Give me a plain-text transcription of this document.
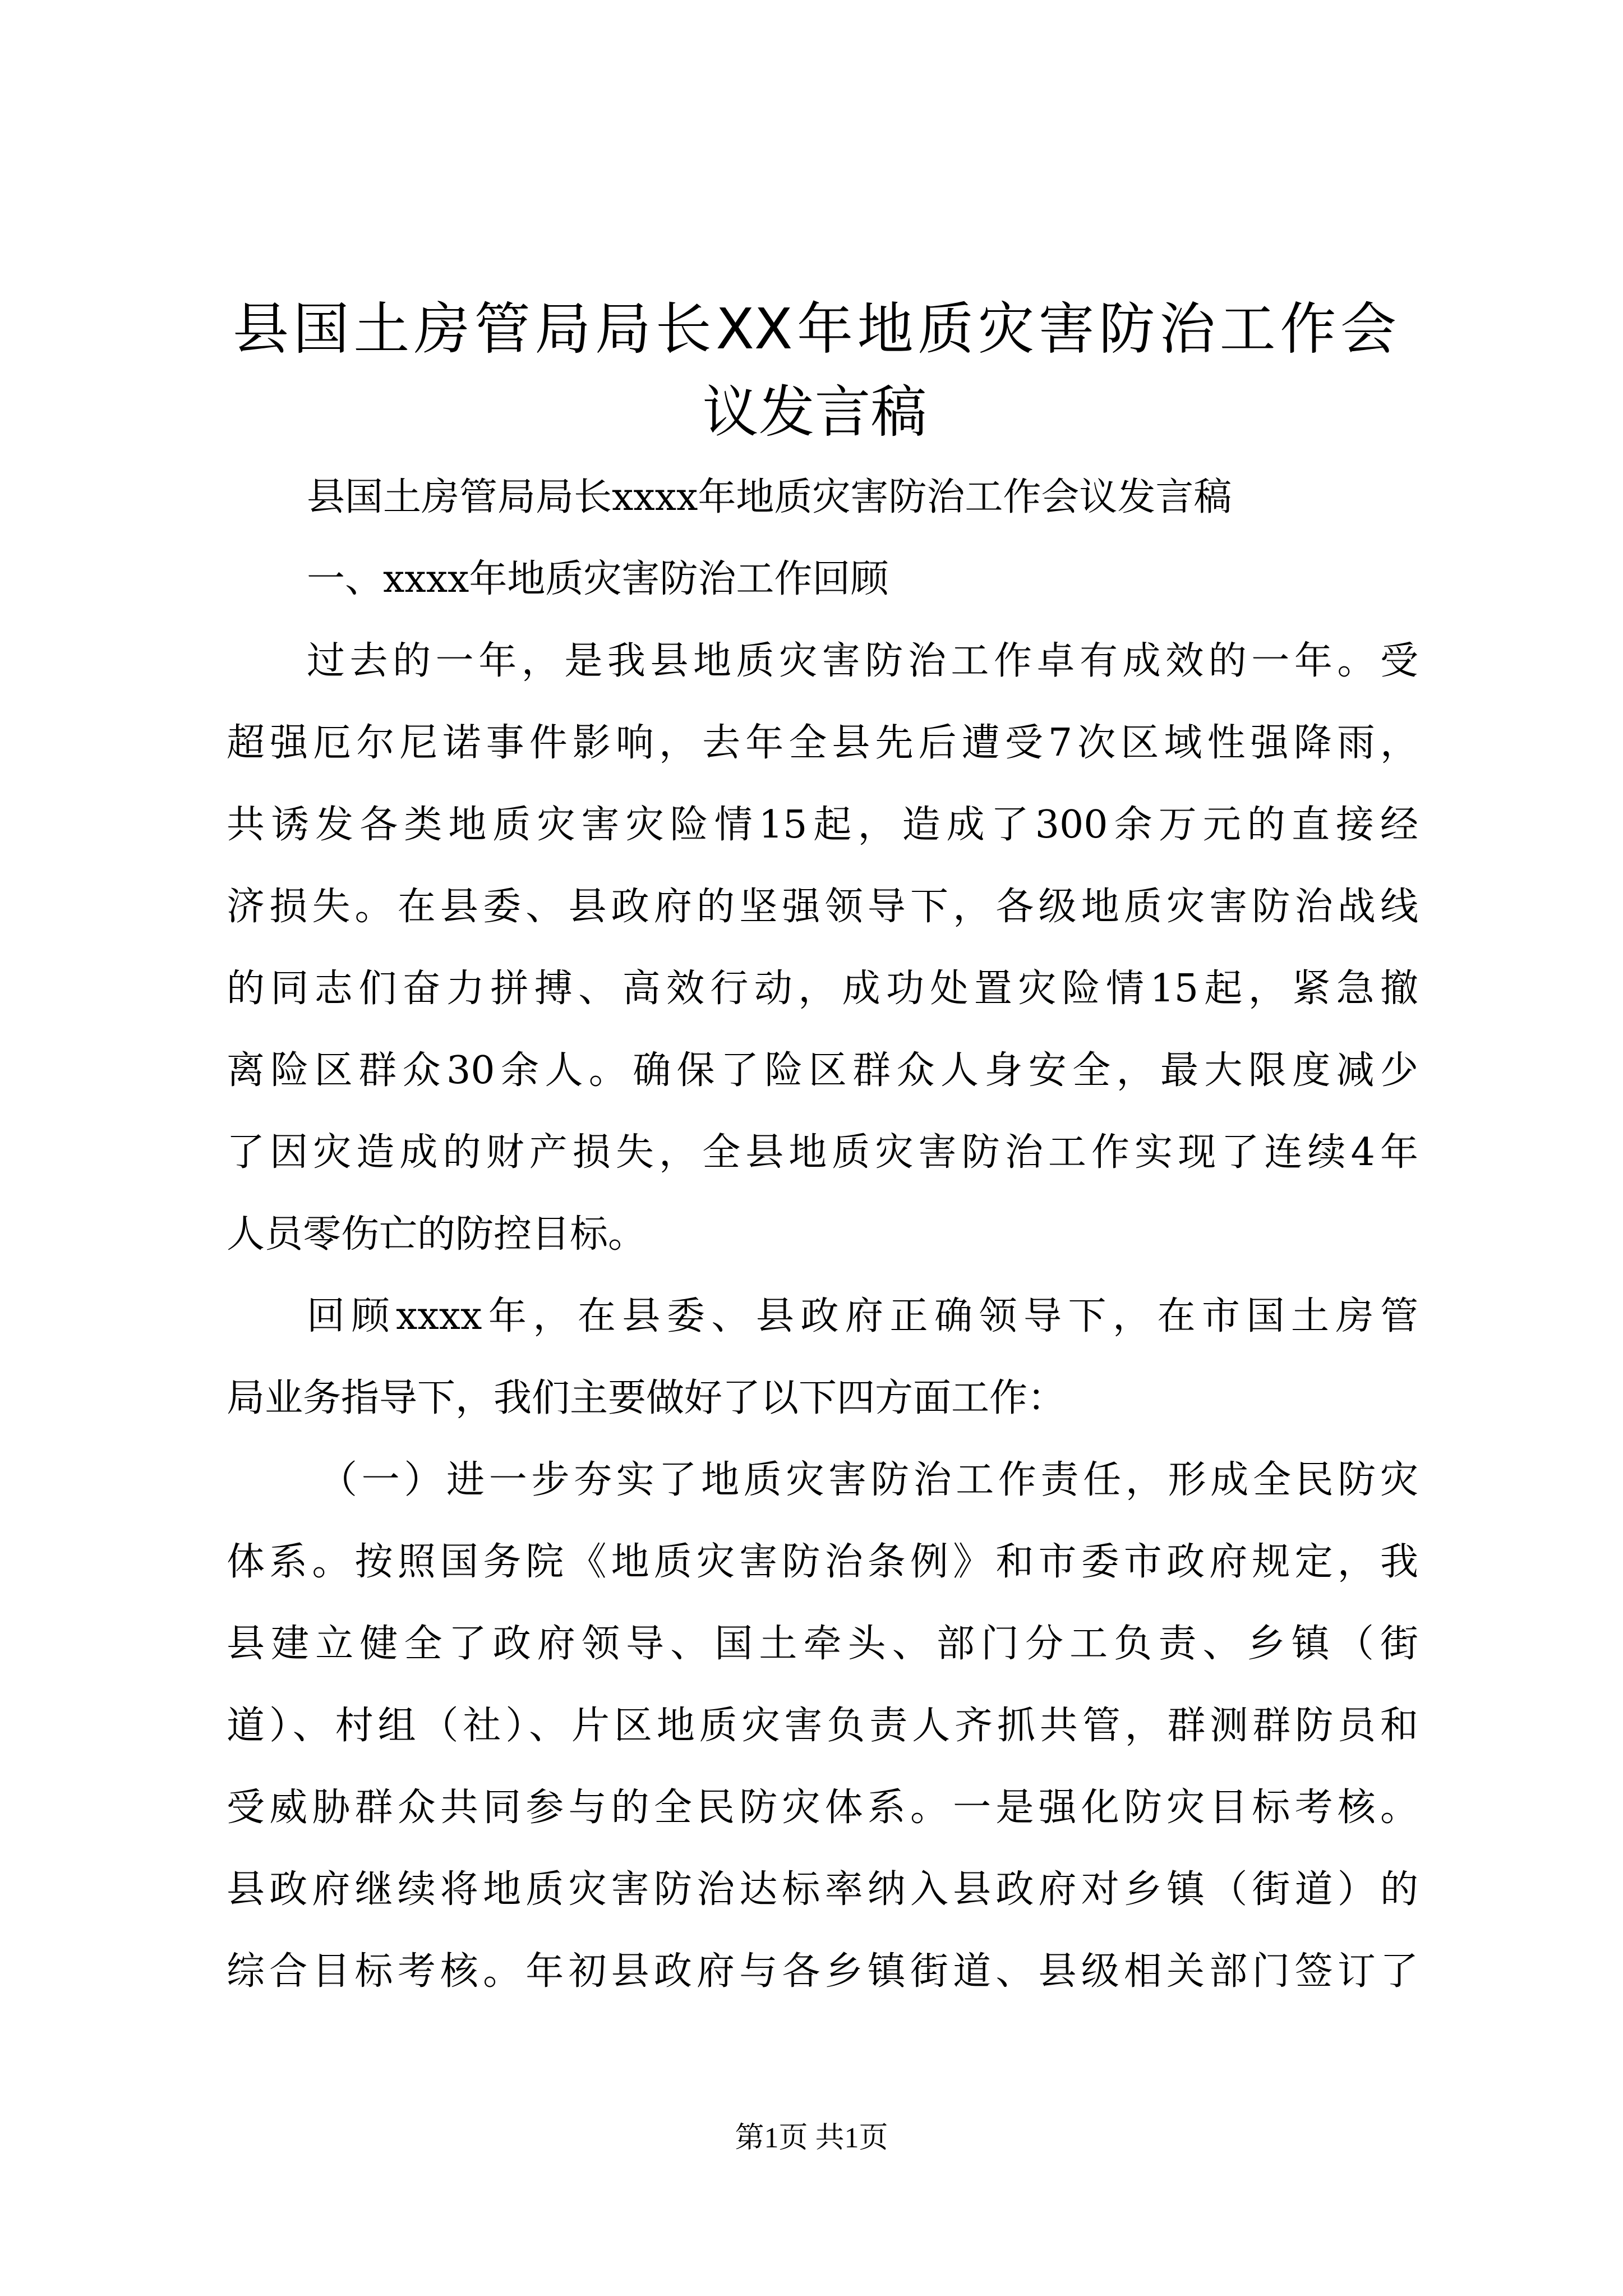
县国土房管局局长XX年地质灾害防治工作会
议发言稿
县国土房管局局长xxxx年地质灾害防治工作会议发言稿
一、xxxx年地质灾害防治工作回顾
过去的一年，是我县地质灾害防治工作卓有成效的一年。受
超强厄尔尼诺事件影响，去年全县先后遭受7次区域性强降雨，
共诱发各类地质灾害灾险情15起，造成了300余万元的直接经
济损失。在县委、县政府的坚强领导下，各级地质灾害防治战线
的同志们奋力拼搏、高效行动，成功处置灾险情15起，紧急撤
离险区群众30余人。确保了险区群众人身安全，最大限度减少
了因灾造成的财产损失，全县地质灾害防治工作实现了连续4年
人员零伤亡的防控目标。
回顾xxxx年，在县委、县政府正确领导下，在市国土房管
局业务指导下，我们主要做好了以下四方面工作：
（一）进一步夯实了地质灾害防治工作责任，形成全民防灾
体系。按照国务院《地质灾害防治条例》和市委市政府规定，我
县建立健全了政府领导、国土牵头、部门分工负责、乡镇（街
道）、村组（社）、片区地质灾害负责人齐抓共管，群测群防员和
受威胁群众共同参与的全民防灾体系。一是强化防灾目标考核。
县政府继续将地质灾害防治达标率纳入县政府对乡镇（街道）的
综合目标考核。年初县政府与各乡镇街道、县级相关部门签订了
第1页 共1页
